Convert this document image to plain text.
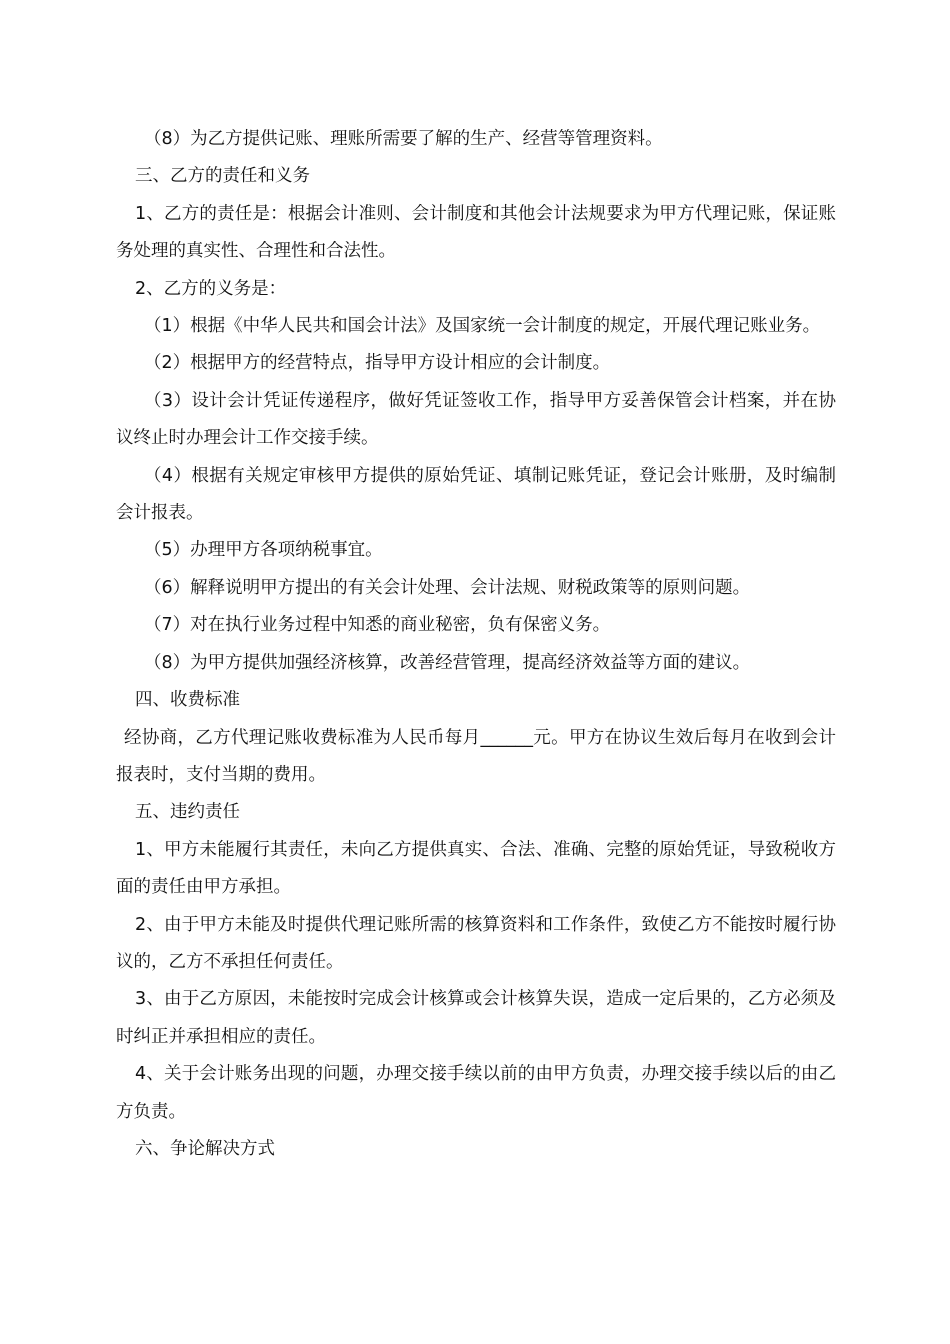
（8）为乙方提供记账、理账所需要了解的生产、经营等管理资料。

三、乙方的责任和义务

1、乙方的责任是：根据会计准则、会计制度和其他会计法规要求为甲方代理记账，保证账务处理的真实性、合理性和合法性。

2、乙方的义务是：

（1）根据《中华人民共和国会计法》及国家统一会计制度的规定，开展代理记账业务。

（2）根据甲方的经营特点，指导甲方设计相应的会计制度。

（3）设计会计凭证传递程序，做好凭证签收工作，指导甲方妥善保管会计档案，并在协议终止时办理会计工作交接手续。

（4）根据有关规定审核甲方提供的原始凭证、填制记账凭证，登记会计账册，及时编制会计报表。

（5）办理甲方各项纳税事宜。

（6）解释说明甲方提出的有关会计处理、会计法规、财税政策等的原则问题。

（7）对在执行业务过程中知悉的商业秘密，负有保密义务。

（8）为甲方提供加强经济核算，改善经营管理，提高经济效益等方面的建议。

四、收费标准

经协商，乙方代理记账收费标准为人民币每月______元。甲方在协议生效后每月在收到会计报表时，支付当期的费用。

五、违约责任

1、甲方未能履行其责任，未向乙方提供真实、合法、准确、完整的原始凭证，导致税收方面的责任由甲方承担。

2、由于甲方未能及时提供代理记账所需的核算资料和工作条件，致使乙方不能按时履行协议的，乙方不承担任何责任。

3、由于乙方原因，未能按时完成会计核算或会计核算失误，造成一定后果的，乙方必须及时纠正并承担相应的责任。

4、关于会计账务出现的问题，办理交接手续以前的由甲方负责，办理交接手续以后的由乙方负责。

六、争论解决方式
